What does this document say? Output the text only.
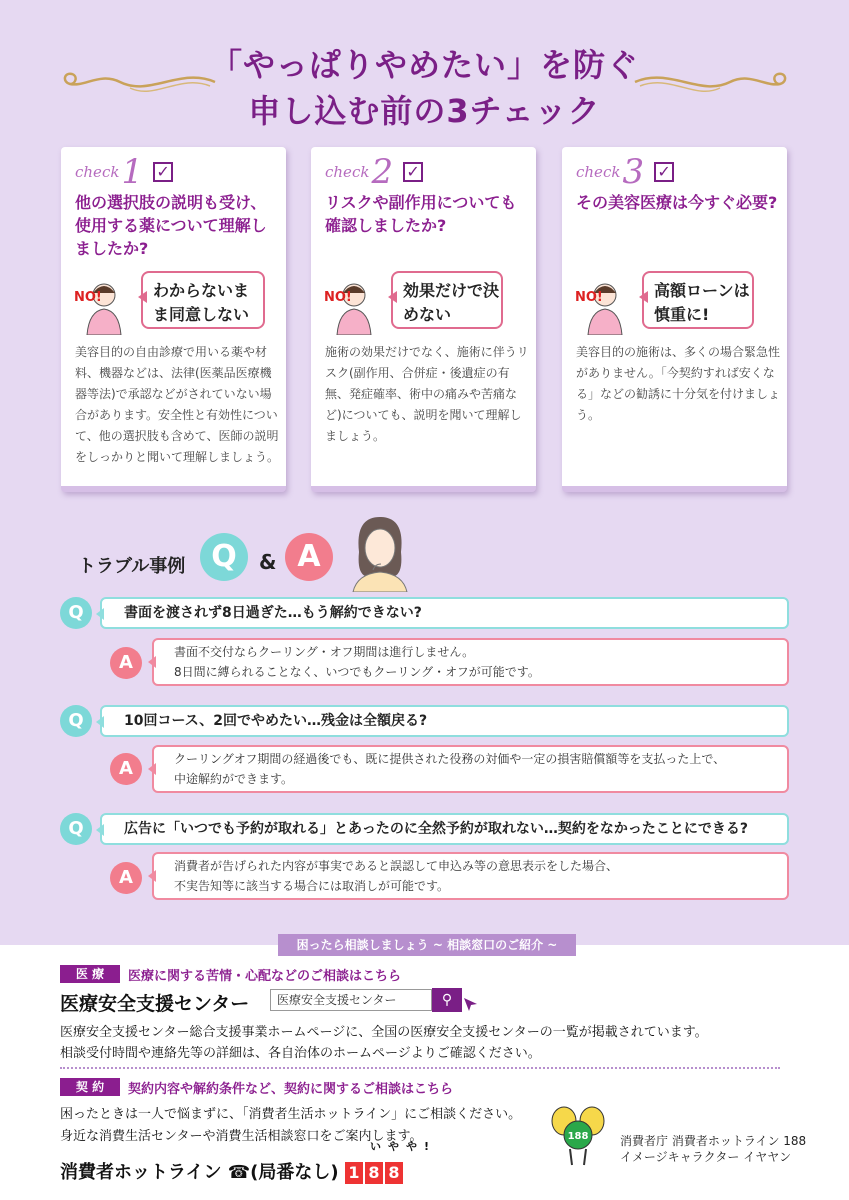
「やっぱりやめたい」を防ぐ
申し込む前の3チェック
check 1 ✓
他の選択肢の説明も受け、使用する薬について理解しましたか?
NO!	わからないまま同意しない
美容目的の自由診療で用いる薬や材料、機器などは、法律(医薬品医療機器等法)で承認などがされていない場合があります。安全性と有効性について、他の選択肢も含めて、医師の説明をしっかりと聞いて理解しましょう。
check 2 ✓
リスクや副作用についても確認しましたか?
NO!	効果だけで決めない
施術の効果だけでなく、施術に伴うリスク(副作用、合併症・後遺症の有無、発症確率、術中の痛みや苦痛など)についても、説明を聞いて理解しましょう。
check 3 ✓
その美容医療は今すぐ必要?
NO!	高額ローンは慎重に!
美容目的の施術は、多くの場合緊急性がありません。「今契約すれば安くなる」などの勧誘に十分気を付けましょう。
トラブル事例 Q	& A
Q	書面を渡されず8日過ぎた…もう解約できない?
A	書面不交付ならクーリング・オフ期間は進行しません。
8日間に縛られることなく、いつでもクーリング・オフが可能です。
Q	10回コース、2回でやめたい…残金は全額戻る?
A	クーリングオフ期間の経過後でも、既に提供された役務の対価や一定の損害賠償額等を支払った上で、
中途解約ができます。
Q	広告に「いつでも予約が取れる」とあったのに全然予約が取れない…契約をなかったことにできる?
A
消費者が告げられた内容が事実であると誤認して申込み等の意思表示をした場合、
不実告知等に該当する場合には取消しが可能です。
困ったら相談しましょう ~ 相談窓口のご紹介 ~
医 療	医療に関する苦情・心配などのご相談はこちら
医療安全支援センター	医療安全支援センター	⚲
医療安全支援センター総合支援事業ホームページに、全国の医療安全支援センターの一覧が掲載されています。
相談受付時間や連絡先等の詳細は、各自治体のホームページよりご確認ください。
契 約	契約内容や解約条件など、契約に関するご相談はこちら
困ったときは一人で悩まずに、「消費者生活ホットライン」にご相談ください。
身近な消費生活センターや消費生活相談窓口をご案内します。
いやや!
消費者ホットライン ☎(局番なし) 1 8 8
188	消費者庁 消費者ホットライン 188
イメージキャラクター イヤヤン
